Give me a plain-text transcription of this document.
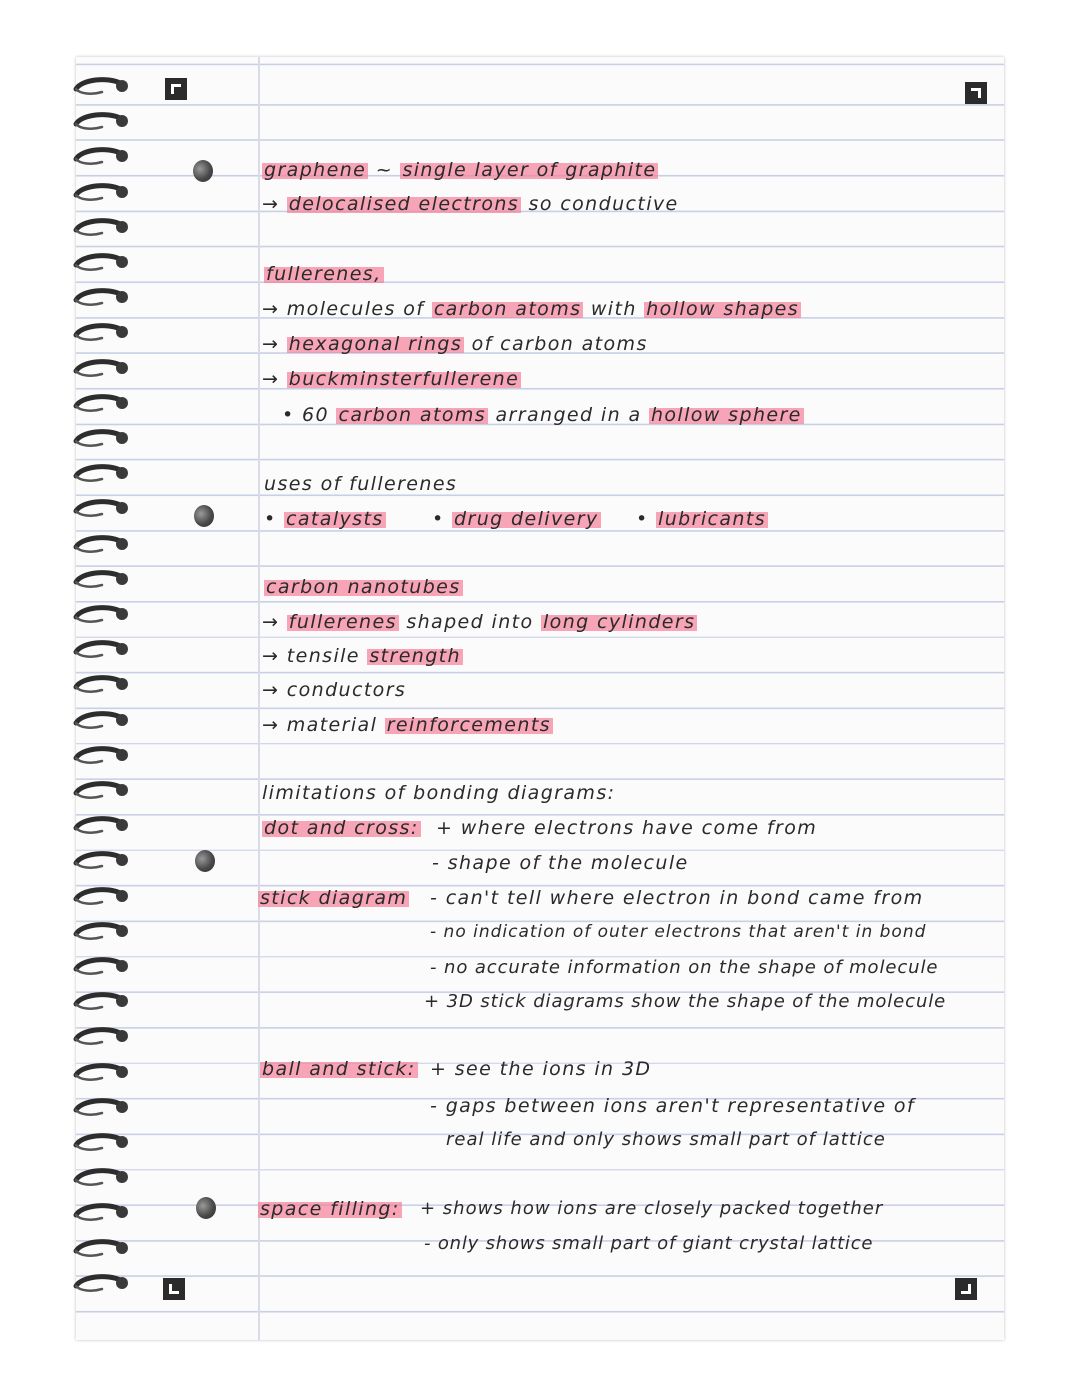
graphene ~ single layer of graphite
→ delocalised electrons so conductive
fullerenes,
→ molecules of carbon atoms with hollow shapes
→ hexagonal rings of carbon atoms
→ buckminsterfullerene
• 60 carbon atoms arranged in a hollow sphere
uses of fullerenes
• catalysts	• drug delivery • lubricants
carbon nanotubes
→ fullerenes shaped into long cylinders
→ tensile strength
→ conductors
→ material reinforcements
limitations of bonding diagrams:
dot and cross: + where electrons have come from
- shape of the molecule
stick diagram - can't tell where electron in bond came from
- no indication of outer electrons that aren't in bond
- no accurate information on the shape of molecule
+ 3D stick diagrams show the shape of the molecule
ball and stick: + see the ions in 3D
- gaps between ions aren't representative of
real life and only shows small part of lattice
space filling: + shows how ions are closely packed together
- only shows small part of giant crystal lattice
